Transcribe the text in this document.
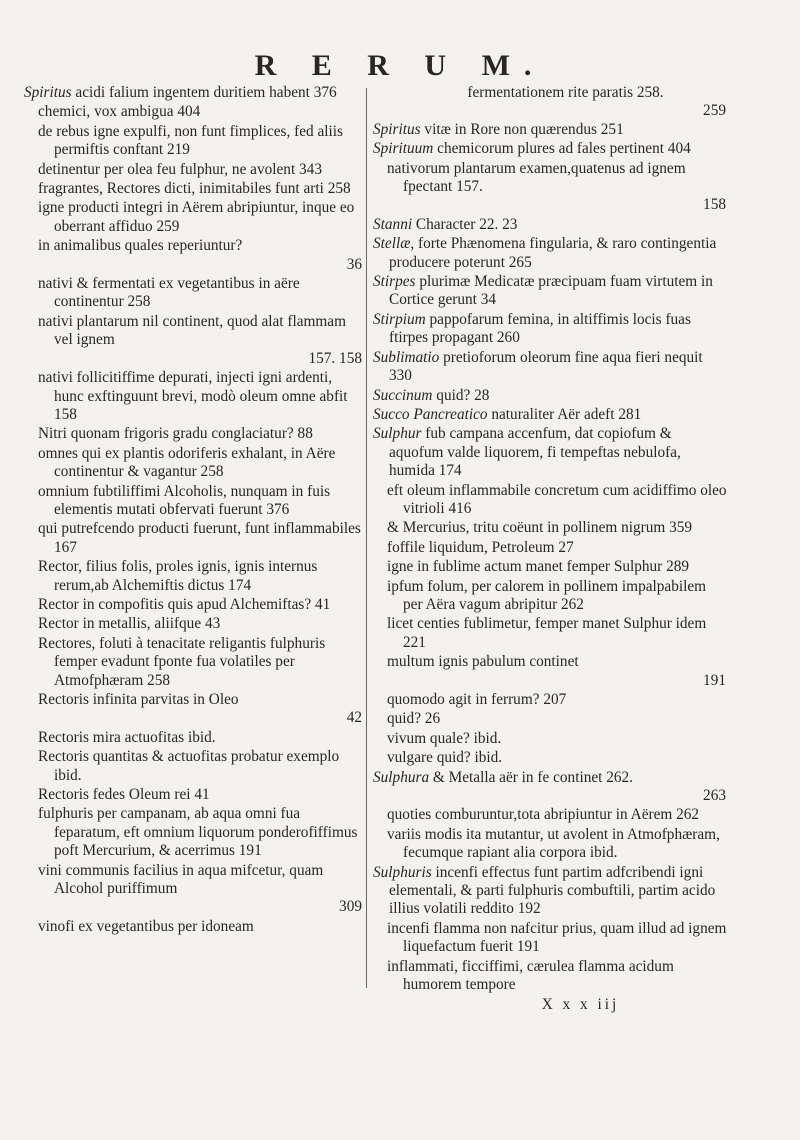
R E R U M.
Spiritus acidi falium ingentem duritiem habent 376
chemici, vox ambigua 404
de rebus igne expulfi, non funt fimplices, fed aliis permiftis conftant 219
detinentur per olea feu fulphur, ne avolent 343
fragrantes, Rectores dicti, inimitabiles funt arti 258
igne producti integri in Aërem abripiuntur, inque eo oberrant affiduo 259
in animalibus quales reperiuntur?
36
nativi & fermentati ex vegetantibus in aëre continentur 258
nativi plantarum nil continent, quod alat flammam vel ignem
157. 158
nativi follicitiffime depurati, injecti igni ardenti, hunc exftinguunt brevi, modò oleum omne abfit 158
Nitri quonam frigoris gradu conglaciatur? 88
omnes qui ex plantis odoriferis exhalant, in Aëre continentur & vagantur 258
omnium fubtiliffimi Alcoholis, nunquam in fuis elementis mutati obfervati fuerunt 376
qui putrefcendo producti fuerunt, funt inflammabiles 167
Rector, filius folis, proles ignis, ignis internus rerum,ab Alchemiftis dictus 174
Rector in compofitis quis apud Alchemiftas? 41
Rector in metallis, aliifque 43
Rectores, foluti à tenacitate religantis fulphuris femper evadunt fponte fua volatiles per Atmofphæram 258
Rectoris infinita parvitas in Oleo
42
Rectoris mira actuofitas ibid.
Rectoris quantitas & actuofitas probatur exemplo ibid.
Rectoris fedes Oleum rei 41
fulphuris per campanam, ab aqua omni fua feparatum, eft omnium liquorum ponderofiffimus poft Mercurium, & acerrimus 191
vini communis facilius in aqua mifcetur, quam Alcohol puriffimum
309
vinofi ex vegetantibus per idoneam
fermentationem rite paratis 258.
259
Spiritus vitæ in Rore non quærendus 251
Spirituum chemicorum plures ad fales pertinent 404
nativorum plantarum examen,quatenus ad ignem fpectant 157.
158
Stanni Character 22. 23
Stellæ, forte Phænomena fingularia, & raro contingentia producere poterunt 265
Stirpes plurimæ Medicatæ præcipuam fuam virtutem in Cortice gerunt 34
Stirpium pappofarum femina, in altiffimis locis fuas ftirpes propagant 260
Sublimatio pretioforum oleorum fine aqua fieri nequit 330
Succinum quid? 28
Succo Pancreatico naturaliter Aër adeft 281
Sulphur fub campana accenfum, dat copiofum & aquofum valde liquorem, fi tempeftas nebulofa, humida 174
eft oleum inflammabile concretum cum acidiffimo oleo vitrioli 416
& Mercurius, tritu coëunt in pollinem nigrum 359
foffile liquidum, Petroleum 27
igne in fublime actum manet femper Sulphur 289
ipfum folum, per calorem in pollinem impalpabilem per Aëra vagum abripitur 262
licet centies fublimetur, femper manet Sulphur idem 221
multum ignis pabulum continet
191
quomodo agit in ferrum? 207
quid? 26
vivum quale? ibid.
vulgare quid? ibid.
Sulphura & Metalla aër in fe continet 262.
263
quoties comburuntur,tota abripiuntur in Aërem 262
variis modis ita mutantur, ut avolent in Atmofphæram, fecumque rapiant alia corpora ibid.
Sulphuris incenfi effectus funt partim adfcribendi igni elementali, & parti fulphuris combuftili, partim acido illius volatili reddito 192
incenfi flamma non nafcitur prius, quam illud ad ignem liquefactum fuerit 191
inflammati, ficciffimi, cærulea flamma acidum humorem tempore
X x x iij
